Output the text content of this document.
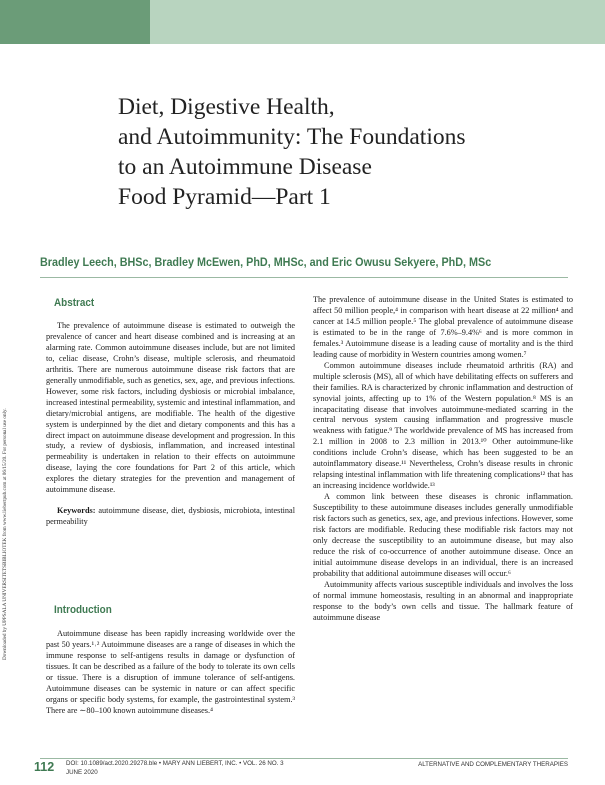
Downloaded by UPPSALA UNIVERSITETSBIBLIOTEK from www.liebertpub.com at 06/15/20. For personal use only.
Diet, Digestive Health,
and Autoimmunity: The Foundations
to an Autoimmune Disease
Food Pyramid—Part 1
Bradley Leech, BHSc, Bradley McEwen, PhD, MHSc, and Eric Owusu Sekyere, PhD, MSc
Abstract

The prevalence of autoimmune disease is estimated to outweigh the prevalence of cancer and heart disease combined and is increasing at an alarming rate. Common autoimmune diseases include, but are not limited to, celiac disease, Crohn’s disease, multiple sclerosis, and rheumatoid arthritis. There are numerous autoimmune disease risk factors that are generally unmodifiable, such as genetics, sex, age, and previous infections. However, some risk factors, including dysbiosis or microbial imbalance, increased intestinal permeability, systemic and intestinal inflammation, and dietary/microbial antigens, are modifiable. The health of the digestive system is underpinned by the diet and dietary components and this has a direct impact on autoimmune disease development and progression. In this study, a review of dysbiosis, inflammation, and increased intestinal permeability is undertaken in relation to their effects on autoimmune disease, laying the core foundations for Part 2 of this article, which explores the dietary strategies for the prevention and management of autoimmune disease.

Keywords: autoimmune disease, diet, dysbiosis, microbiota, intestinal permeability

Introduction

Autoimmune disease has been rapidly increasing worldwide over the past 50 years.¹˒² Autoimmune diseases are a range of diseases in which the immune response to self-antigens results in damage or dysfunction of tissues. It can be described as a failure of the body to tolerate its own cells or tissue. There is a disruption of immune tolerance of self-antigens. Autoimmune diseases can be systemic in nature or can affect specific organs or specific body systems, for example, the gastrointestinal system.³ There are ∼80–100 known autoimmune diseases.⁴

The prevalence of autoimmune disease in the United States is estimated to affect 50 million people,⁴ in comparison with heart disease at 22 million⁴ and cancer at 14.5 million people.⁵ The global prevalence of autoimmune disease is estimated to be in the range of 7.6%–9.4%⁶ and is more common in females.³ Autoimmune disease is a leading cause of mortality and is the third leading cause of morbidity in Western countries among women.⁷

Common autoimmune diseases include rheumatoid arthritis (RA) and multiple sclerosis (MS), all of which have debilitating effects on sufferers and their families. RA is characterized by chronic inflammation and destruction of synovial joints, affecting up to 1% of the Western population.⁸ MS is an incapacitating disease that involves autoimmune-mediated scarring in the central nervous system causing inflammation and progressive muscle weakness with fatigue.⁹ The worldwide prevalence of MS has increased from 2.1 million in 2008 to 2.3 million in 2013.¹⁰ Other autoimmune-like conditions include Crohn’s disease, which has been suggested to be an autoinflammatory disease.¹¹ Nevertheless, Crohn’s disease results in chronic relapsing intestinal inflammation with life threatening complications¹² that has an increasing incidence worldwide.¹³

A common link between these diseases is chronic inflammation. Susceptibility to these autoimmune diseases includes generally unmodifiable risk factors such as genetics, sex, age, and previous infections. However, some risk factors are modifiable. Reducing these modifiable risk factors may not only decrease the susceptibility to an autoimmune disease, but may also reduce the risk of co-occurrence of another autoimmune disease. Once an initial autoimmune disease develops in an individual, there is an increased probability that additional autoimmune diseases will occur.⁶

Autoimmunity affects various susceptible individuals and involves the loss of normal immune homeostasis, resulting in an abnormal and inappropriate response to the body’s own cells and tissue. The hallmark feature of autoimmune disease

112 DOI: 10.1089/act.2020.29278.ble • MARY ANN LIEBERT, INC. • VOL. 26 NO. 3
JUNE 2020
ALTERNATIVE AND COMPLEMENTARY THERAPIES
